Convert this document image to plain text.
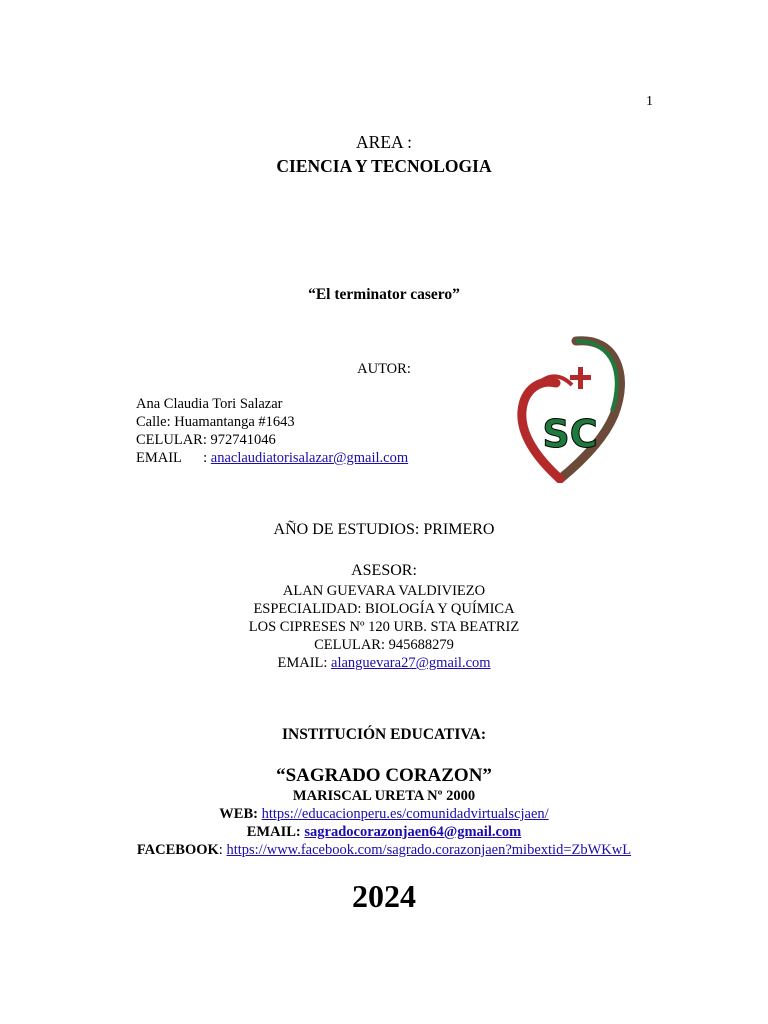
1
AREA :
CIENCIA Y TECNOLOGIA
“El terminator casero”
AUTOR:
Ana Claudia Tori Salazar
Calle: Huamantanga #1643
CELULAR: 972741046
EMAIL      : anaclaudiatorisalazar@gmail.com
SC
AÑO DE ESTUDIOS: PRIMERO
ASESOR:
ALAN GUEVARA VALDIVIEZO
ESPECIALIDAD: BIOLOGÍA Y QUÍMICA
LOS CIPRESES Nº 120 URB. STA BEATRIZ
CELULAR: 945688279
EMAIL: alanguevara27@gmail.com
INSTITUCIÓN EDUCATIVA:
“SAGRADO CORAZON”
MARISCAL URETA Nº 2000
WEB: https://educacionperu.es/comunidadvirtualscjaen/
EMAIL: sagradocorazonjaen64@gmail.com
FACEBOOK: https://www.facebook.com/sagrado.corazonjaen?mibextid=ZbWKwL
2024
